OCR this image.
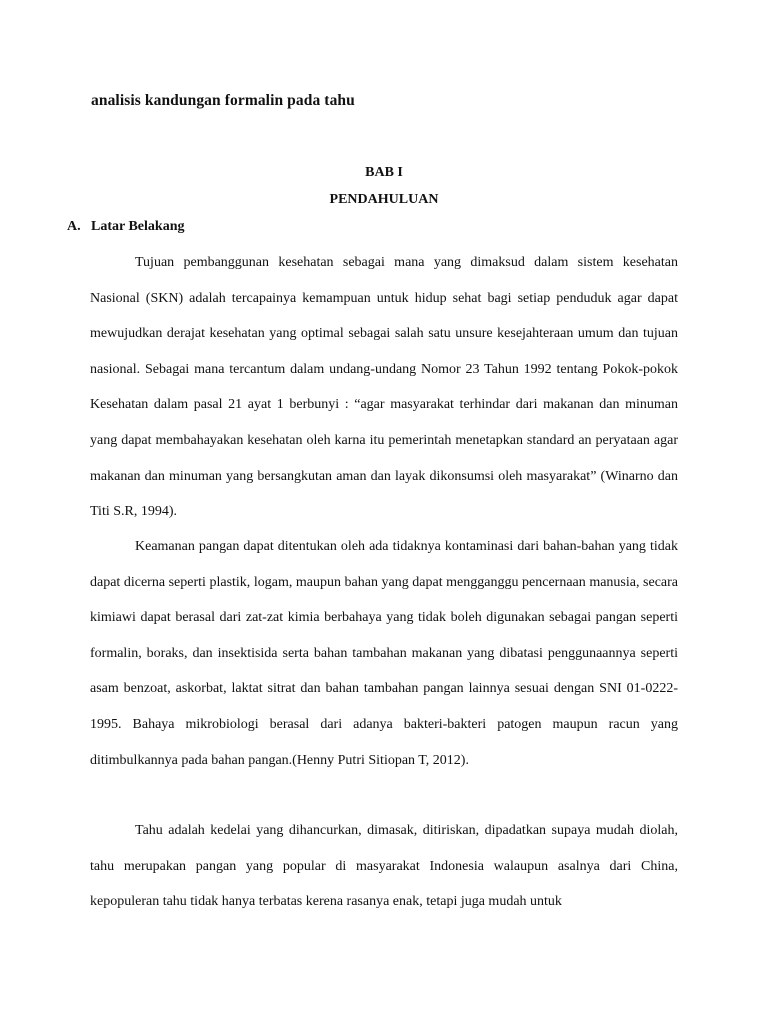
analisis kandungan formalin pada tahu
BAB I
PENDAHULUAN
A. Latar Belakang

Tujuan pembanggunan kesehatan sebagai mana yang dimaksud dalam sistem kesehatan Nasional (SKN) adalah tercapainya kemampuan untuk hidup sehat bagi setiap penduduk agar dapat mewujudkan derajat kesehatan yang optimal sebagai salah satu unsure kesejahteraan umum dan tujuan nasional. Sebagai mana tercantum dalam undang-undang Nomor 23 Tahun 1992 tentang Pokok-pokok Kesehatan dalam pasal 21 ayat 1 berbunyi : “agar masyarakat terhindar dari makanan dan minuman yang dapat membahayakan kesehatan oleh karna itu pemerintah menetapkan standard an peryataan agar makanan dan minuman yang bersangkutan aman dan layak dikonsumsi oleh masyarakat” (Winarno dan Titi S.R, 1994).

Keamanan pangan dapat ditentukan oleh ada tidaknya kontaminasi dari bahan-bahan yang tidak dapat dicerna seperti plastik, logam, maupun bahan yang dapat mengganggu pencernaan manusia, secara kimiawi dapat berasal dari zat-zat kimia berbahaya yang tidak boleh digunakan sebagai pangan seperti formalin, boraks, dan insektisida serta bahan tambahan makanan yang dibatasi penggunaannya seperti asam benzoat, askorbat, laktat sitrat dan bahan tambahan pangan lainnya sesuai dengan SNI 01-0222-1995. Bahaya mikrobiologi berasal dari adanya bakteri-bakteri patogen maupun racun yang ditimbulkannya pada bahan pangan.(Henny Putri Sitiopan T, 2012).

Tahu adalah kedelai yang dihancurkan, dimasak, ditiriskan, dipadatkan supaya mudah diolah, tahu merupakan pangan yang popular di masyarakat Indonesia walaupun asalnya dari China, kepopuleran tahu tidak hanya terbatas kerena rasanya enak, tetapi juga mudah untuk
